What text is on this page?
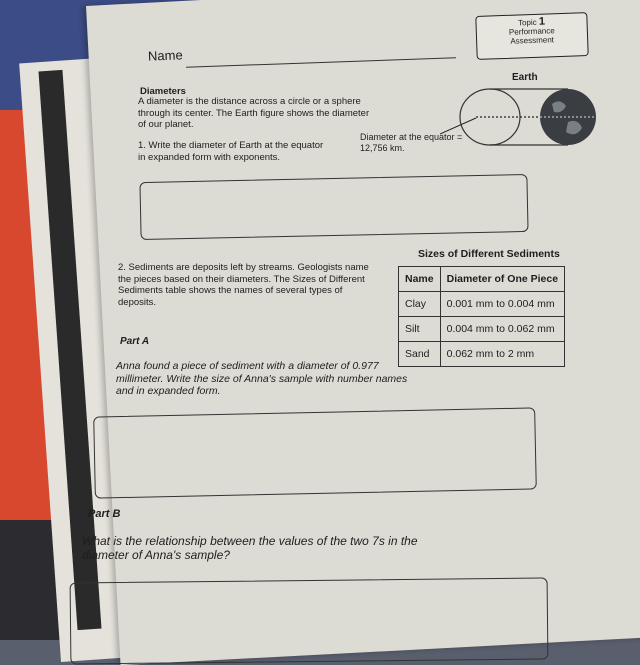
Name
Topic 1
Performance
Assessment
Earth
Diameter at the equator = 12,756 km.
Diameters
A diameter is the distance across a circle or a sphere through its center. The Earth figure shows the diameter of our planet.
1. Write the diameter of Earth at the equator in expanded form with exponents.
2. Sediments are deposits left by streams. Geologists name the pieces based on their diameters. The Sizes of Different Sediments table shows the names of several types of deposits.
Sizes of Different Sediments
Name	Diameter of One Piece
Clay	0.001 mm to 0.004 mm
Silt	0.004 mm to 0.062 mm
Sand	0.062 mm to 2 mm
Part A
Anna found a piece of sediment with a diameter of 0.977 millimeter. Write the size of Anna's sample with number names and in expanded form.
Part B
What is the relationship between the values of the two 7s in the diameter of Anna's sample?
